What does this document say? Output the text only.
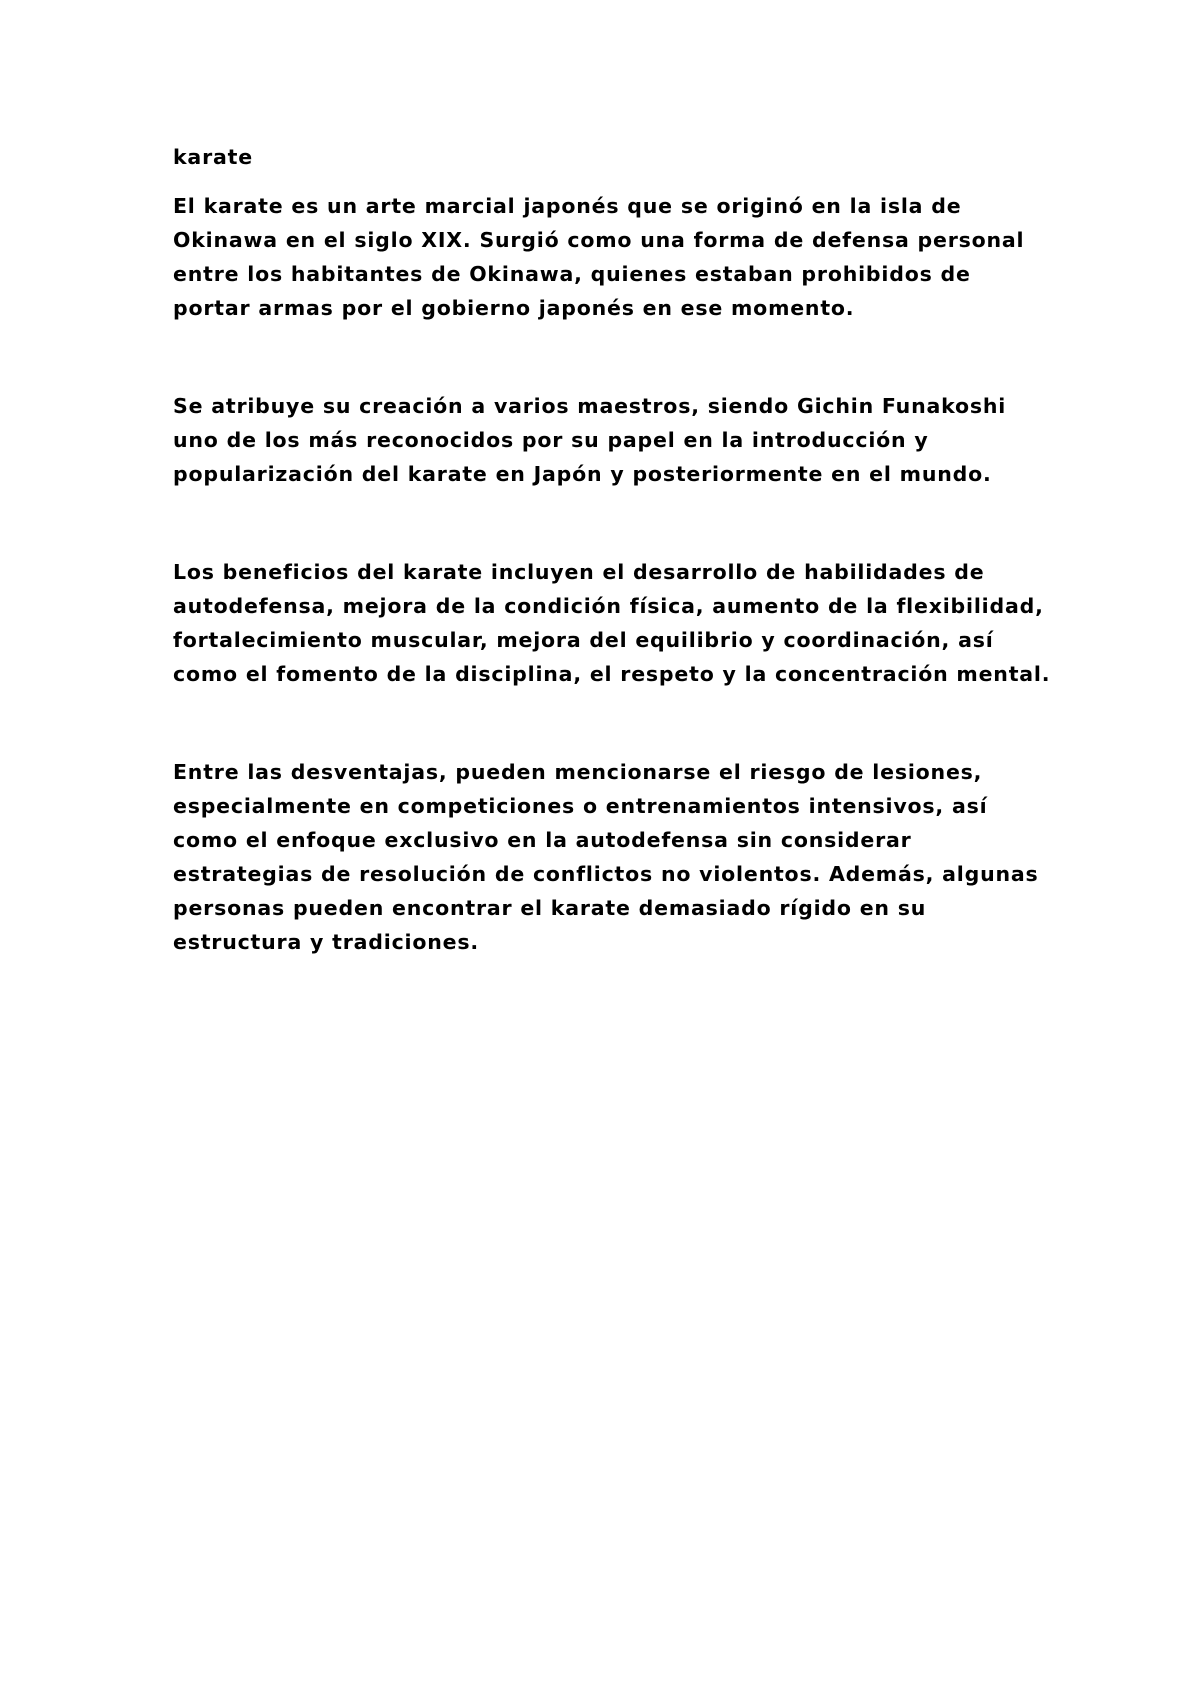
karate

El karate es un arte marcial japonés que se originó en la isla de Okinawa en el siglo XIX. Surgió como una forma de defensa personal entre los habitantes de Okinawa, quienes estaban prohibidos de portar armas por el gobierno japonés en ese momento.

Se atribuye su creación a varios maestros, siendo Gichin Funakoshi uno de los más reconocidos por su papel en la introducción y popularización del karate en Japón y posteriormente en el mundo.

Los beneficios del karate incluyen el desarrollo de habilidades de autodefensa, mejora de la condición física, aumento de la flexibilidad, fortalecimiento muscular, mejora del equilibrio y coordinación, así como el fomento de la disciplina, el respeto y la concentración mental.

Entre las desventajas, pueden mencionarse el riesgo de lesiones, especialmente en competiciones o entrenamientos intensivos, así como el enfoque exclusivo en la autodefensa sin considerar estrategias de resolución de conflictos no violentos. Además, algunas personas pueden encontrar el karate demasiado rígido en su estructura y tradiciones.
